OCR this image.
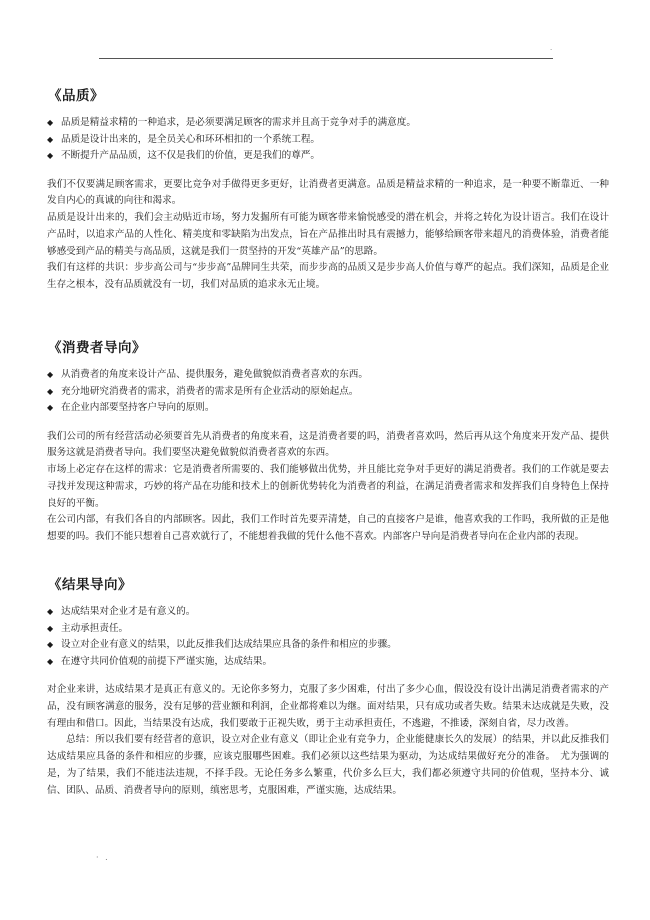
·
《品质》
◆ 品质是精益求精的一种追求，是必须要满足顾客的需求并且高于竞争对手的满意度。
◆ 品质是设计出来的，是全员关心和环环相扣的一个系统工程。
◆ 不断提升产品品质，这不仅是我们的价值，更是我们的尊严。

我们不仅要满足顾客需求，更要比竞争对手做得更多更好，让消费者更满意。品质是精益求精的一种追求，是一种要不断靠近、一种发自内心的真诚的向往和渴求。

品质是设计出来的，我们会主动贴近市场，努力发掘所有可能为顾客带来愉悦感受的潜在机会，并将之转化为设计语言。我们在设计产品时，以追求产品的人性化、精美度和零缺陷为出发点，旨在产品推出时具有震撼力，能够给顾客带来超凡的消费体验，消费者能够感受到产品的精美与高品质，这就是我们一贯坚持的开发“英雄产品”的思路。

我们有这样的共识：步步高公司与“步步高”品牌同生共荣，而步步高的品质又是步步高人价值与尊严的起点。我们深知，品质是企业生存之根本，没有品质就没有一切，我们对品质的追求永无止境。

《消费者导向》
◆ 从消费者的角度来设计产品、提供服务，避免做貌似消费者喜欢的东西。
◆ 充分地研究消费者的需求，消费者的需求是所有企业活动的原始起点。
◆ 在企业内部要坚持客户导向的原则。

我们公司的所有经营活动必须要首先从消费者的角度来看，这是消费者要的吗，消费者喜欢吗，然后再从这个角度来开发产品、提供服务这就是消费者导向。我们要坚决避免做貌似消费者喜欢的东西。

市场上必定存在这样的需求：它是消费者所需要的、我们能够做出优势，并且能比竞争对手更好的满足消费者。我们的工作就是要去寻找并发现这种需求，巧妙的将产品在功能和技术上的创新优势转化为消费者的利益，在满足消费者需求和发挥我们自身特色上保持良好的平衡。

在公司内部，有我们各自的内部顾客。因此，我们工作时首先要弄清楚，自己的直接客户是谁，他喜欢我的工作吗，我所做的正是他想要的吗。我们不能只想着自己喜欢就行了，不能想着我做的凭什么他不喜欢。内部客户导向是消费者导向在企业内部的表现。

《结果导向》
◆ 达成结果对企业才是有意义的。
◆ 主动承担责任。
◆ 设立对企业有意义的结果，以此反推我们达成结果应具备的条件和相应的步骤。
◆ 在遵守共同价值观的前提下严谨实施，达成结果。

对企业来讲，达成结果才是真正有意义的。无论你多努力，克服了多少困难，付出了多少心血，假设没有设计出满足消费者需求的产品，没有顾客满意的服务，没有足够的营业额和利润，企业都将难以为继。面对结果，只有成功或者失败。结果未达成就是失败，没有理由和借口。因此，当结果没有达成，我们要敢于正视失败，勇于主动承担责任，不逃避，不推诿，深刻自省，尽力改善。

总结：所以我们要有经营者的意识，设立对企业有意义（即让企业有竞争力，企业能健康长久的发展）的结果，并以此反推我们达成结果应具备的条件和相应的步骤，应该克服哪些困难。我们必须以这些结果为驱动，为达成结果做好充分的准备。　尤为强调的是，为了结果，我们不能违法违规，不择手段。无论任务多么繁重，代价多么巨大，我们都必须遵守共同的价值观，坚持本分、诚信、团队、品质、消费者导向的原则，缜密思考，克服困难，严谨实施，达成结果。

· .
